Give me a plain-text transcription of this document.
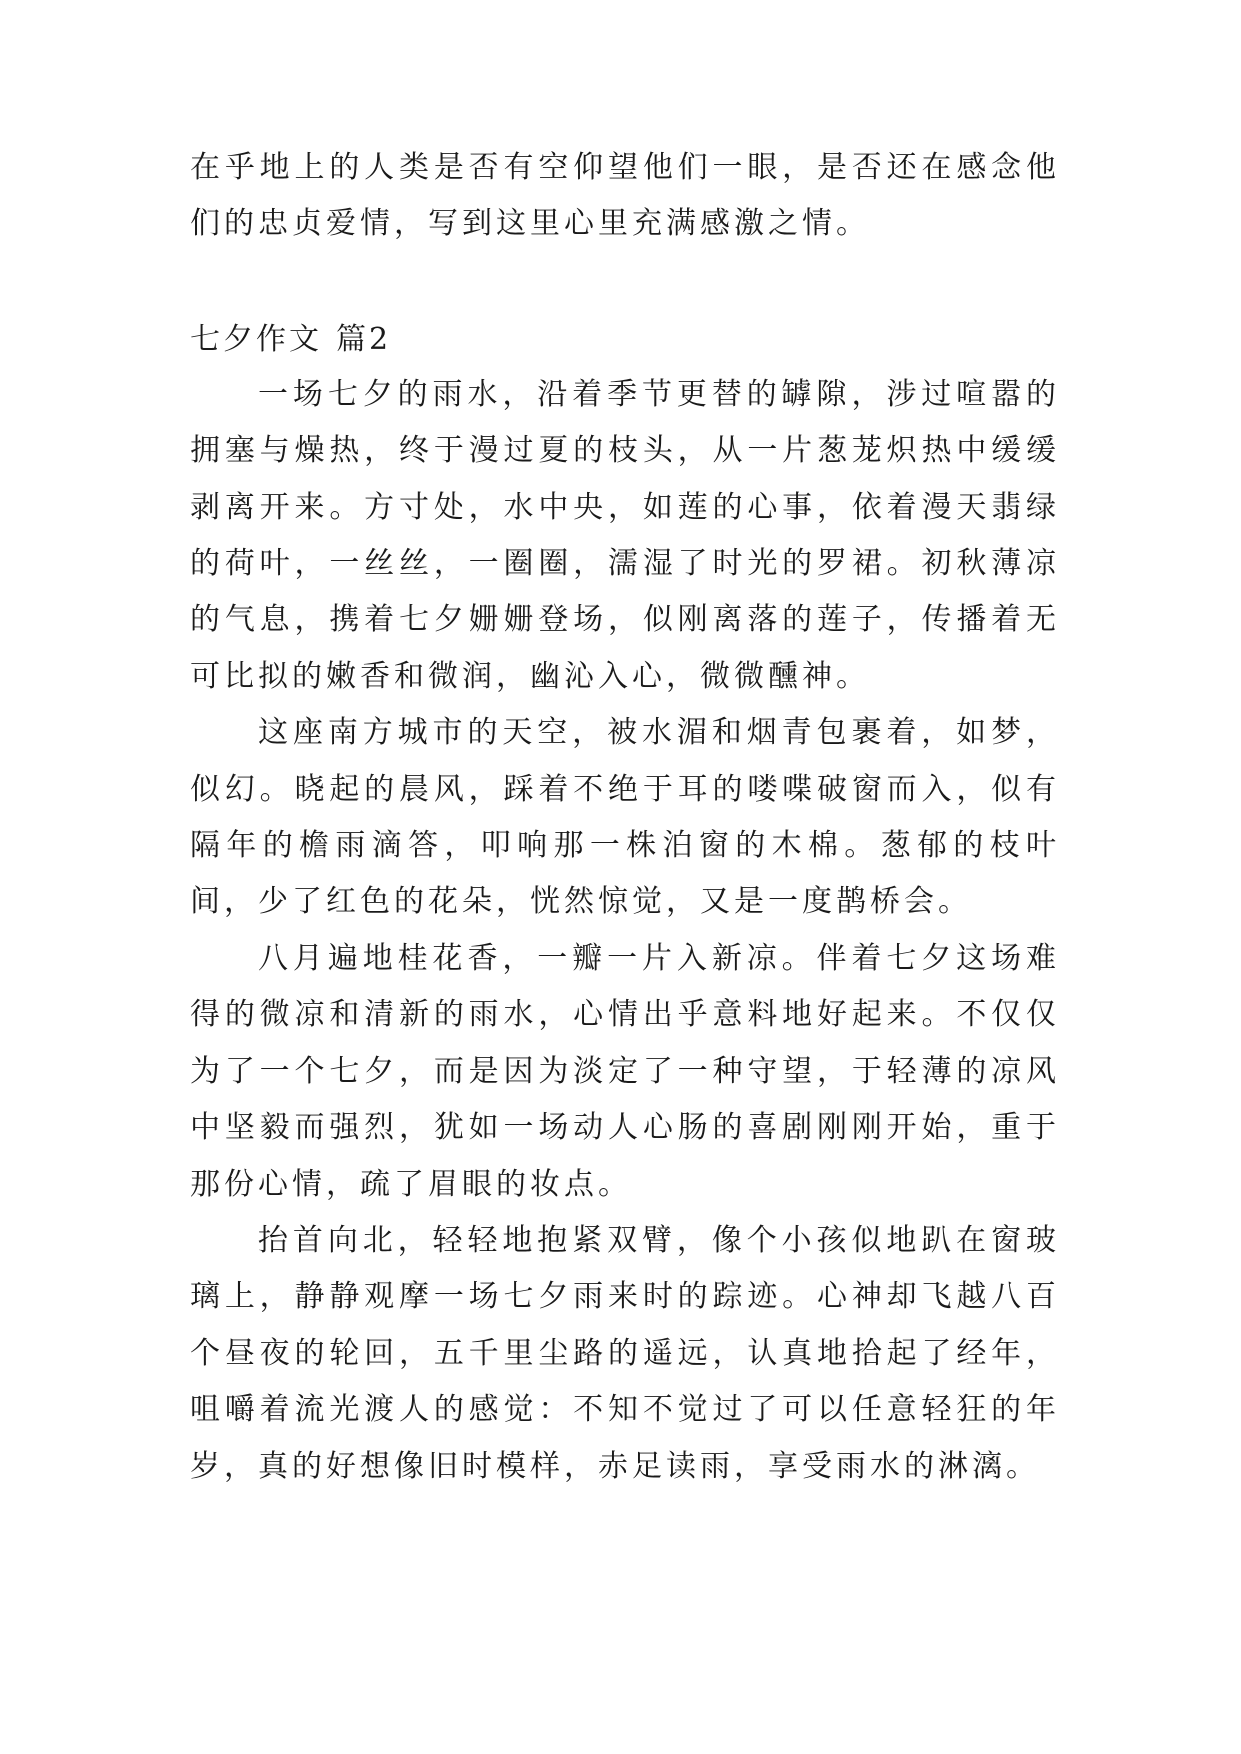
在乎地上的人类是否有空仰望他们一眼，是否还在感念他们的忠贞爱情，写到这里心里充满感激之情。

七夕作文 篇2

一场七夕的雨水，沿着季节更替的罅隙，涉过喧嚣的拥塞与燥热，终于漫过夏的枝头，从一片葱茏炽热中缓缓剥离开来。方寸处，水中央，如莲的心事，依着漫天翡绿的荷叶，一丝丝，一圈圈，濡湿了时光的罗裙。初秋薄凉的气息，携着七夕姗姗登场，似刚离落的莲子，传播着无可比拟的嫩香和微润，幽沁入心，微微醺神。

这座南方城市的天空，被水湄和烟青包裹着，如梦，似幻。晓起的晨风，踩着不绝于耳的喽喋破窗而入，似有隔年的檐雨滴答，叩响那一株泊窗的木棉。葱郁的枝叶间，少了红色的花朵，恍然惊觉，又是一度鹊桥会。

八月遍地桂花香，一瓣一片入新凉。伴着七夕这场难得的微凉和清新的雨水，心情出乎意料地好起来。不仅仅为了一个七夕，而是因为淡定了一种守望，于轻薄的凉风中坚毅而强烈，犹如一场动人心肠的喜剧刚刚开始，重于那份心情，疏了眉眼的妆点。

抬首向北，轻轻地抱紧双臂，像个小孩似地趴在窗玻璃上，静静观摩一场七夕雨来时的踪迹。心神却飞越八百个昼夜的轮回，五千里尘路的遥远，认真地拾起了经年，咀嚼着流光渡人的感觉：不知不觉过了可以任意轻狂的年岁，真的好想像旧时模样，赤足读雨，享受雨水的淋漓。
